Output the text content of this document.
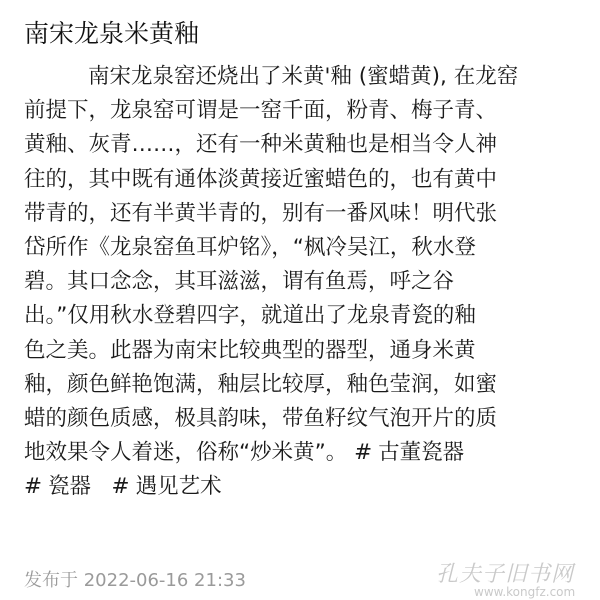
南宋龙泉米黄釉
南宋龙泉窑还烧出了米黄'釉 (蜜蜡黄), 在龙窑
前提下，龙泉窑可谓是一窑千面，粉青、梅子青、
黄釉、灰青……，还有一种米黄釉也是相当令人神
往的，其中既有通体淡黄接近蜜蜡色的，也有黄中
带青的，还有半黄半青的，别有一番风味！明代张
岱所作《龙泉窑鱼耳炉铭》，“枫冷吴江，秋水登
碧。其口念念，其耳滋滋，谓有鱼焉，呼之谷
出。”仅用秋水登碧四字，就道出了龙泉青瓷的釉
色之美。此器为南宋比较典型的器型，通身米黄
釉，颜色鲜艳饱满，釉层比较厚，釉色莹润，如蜜
蜡的颜色质感，极具韵味，带鱼籽纹气泡开片的质
地效果令人着迷，俗称“炒米黄”。 # 古董瓷器
# 瓷器 # 遇见艺术
发布于 2022-06-16 21:33	孔夫子旧书网
www.kongfz.com
